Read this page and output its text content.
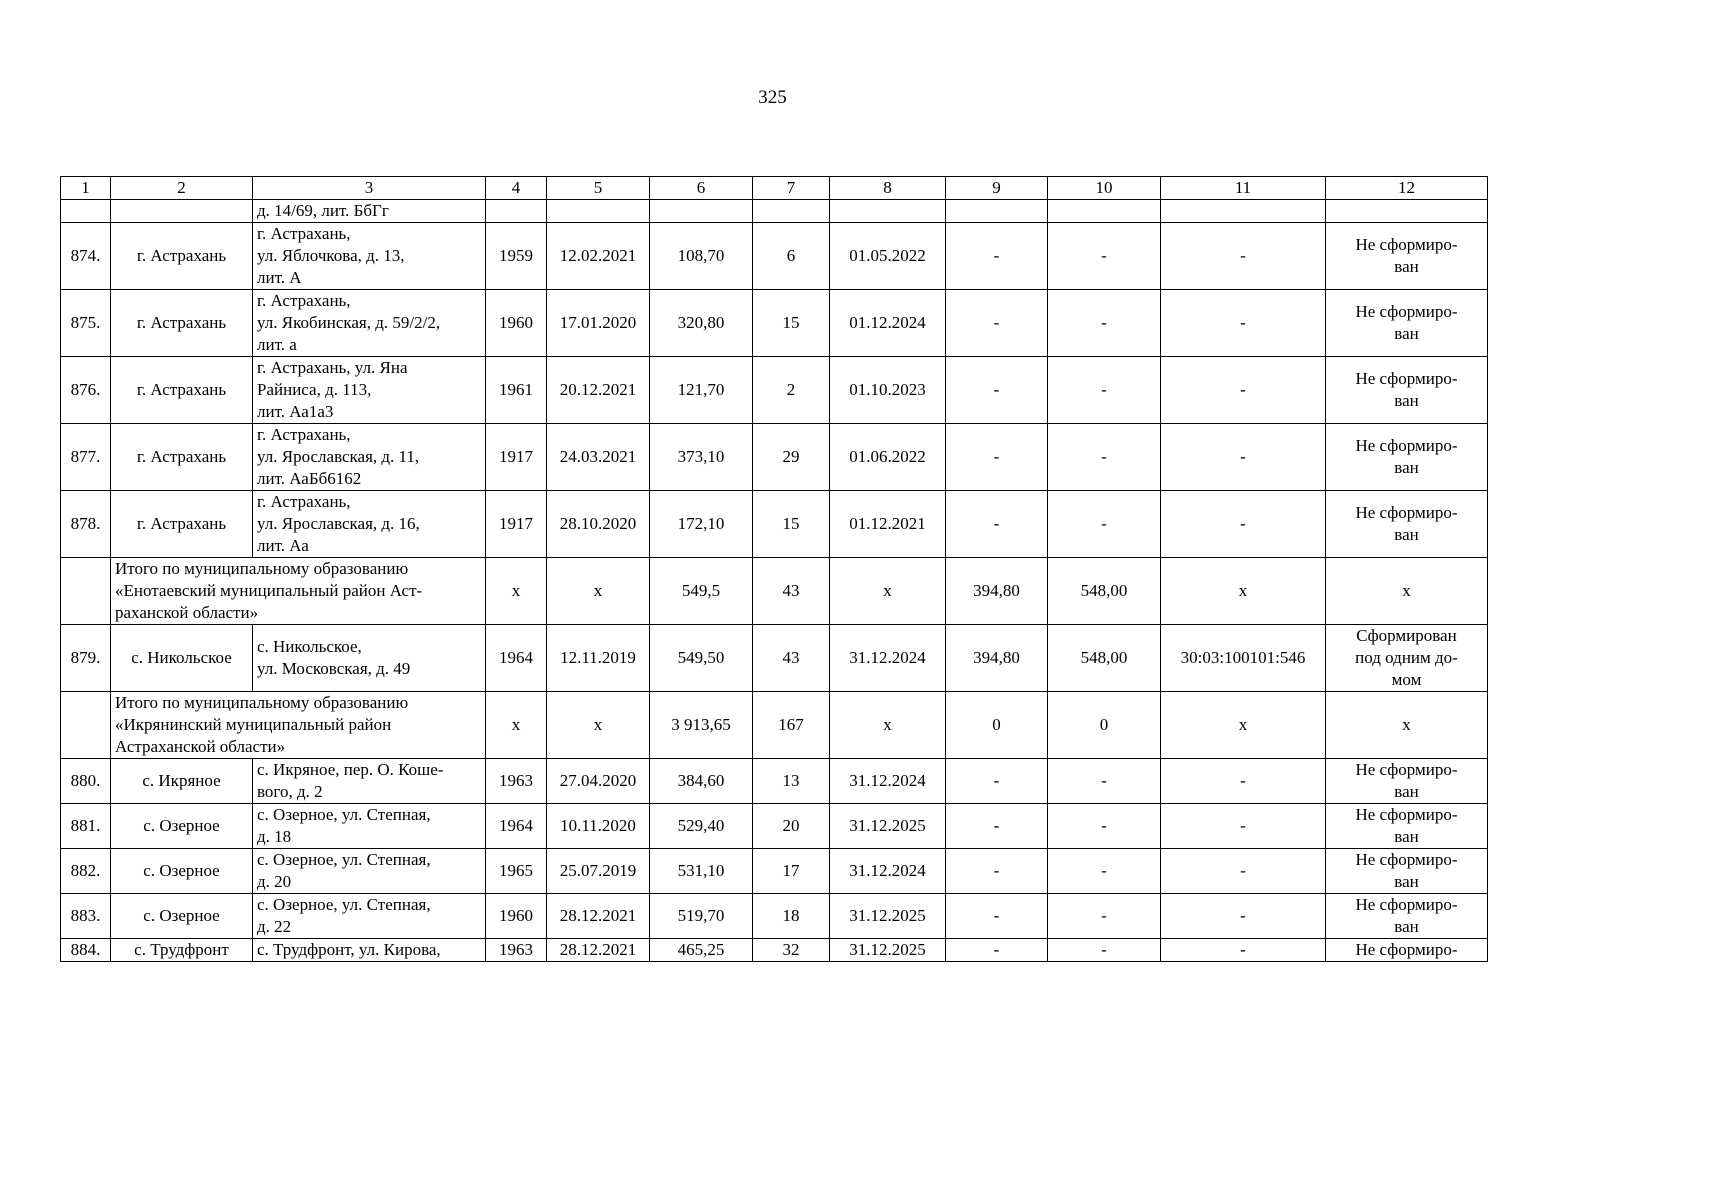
325
1	2	3	4	5	6	7	8	9	10	11	12
		д. 14/69, лит. БбГг									
874.	г. Астрахань	г. Астрахань,
ул. Яблочкова, д. 13,
лит. А	1959	12.02.2021	108,70	6	01.05.2022	-	-	-	Не сформиро-
ван
875.	г. Астрахань	г. Астрахань,
ул. Якобинская, д. 59/2/2,
лит. а	1960	17.01.2020	320,80	15	01.12.2024	-	-	-	Не сформиро-
ван
876.	г. Астрахань	г. Астрахань, ул. Яна
Райниса, д. 113,
лит. Аа1а3	1961	20.12.2021	121,70	2	01.10.2023	-	-	-	Не сформиро-
ван
877.	г. Астрахань	г. Астрахань,
ул. Ярославская, д. 11,
лит. АаБб6162	1917	24.03.2021	373,10	29	01.06.2022	-	-	-	Не сформиро-
ван
878.	г. Астрахань	г. Астрахань,
ул. Ярославская, д. 16,
лит. Аа	1917	28.10.2020	172,10	15	01.12.2021	-	-	-	Не сформиро-
ван
	Итого по муниципальному образованию
«Енотаевский муниципальный район Аст-
раханской области»		x	x	549,5	43	x	394,80	548,00	x	x
879.	с. Никольское	с. Никольское,
ул. Московская, д. 49	1964	12.11.2019	549,50	43	31.12.2024	394,80	548,00	30:03:100101:546	Сформирован
под одним до-
мом
	Итого по муниципальному образованию
«Икрянинский муниципальный район
Астраханской области»		x	x	3 913,65	167	x	0	0	x	x
880.	с. Икряное	с. Икряное, пер. О. Коше-
вого, д. 2	1963	27.04.2020	384,60	13	31.12.2024	-	-	-	Не сформиро-
ван
881.	с. Озерное	с. Озерное, ул. Степная,
д. 18	1964	10.11.2020	529,40	20	31.12.2025	-	-	-	Не сформиро-
ван
882.	с. Озерное	с. Озерное, ул. Степная,
д. 20	1965	25.07.2019	531,10	17	31.12.2024	-	-	-	Не сформиро-
ван
883.	с. Озерное	с. Озерное, ул. Степная,
д. 22	1960	28.12.2021	519,70	18	31.12.2025	-	-	-	Не сформиро-
ван
884.	с. Трудфронт	с. Трудфронт, ул. Кирова,	1963	28.12.2021	465,25	32	31.12.2025	-	-	-	Не сформиро-
